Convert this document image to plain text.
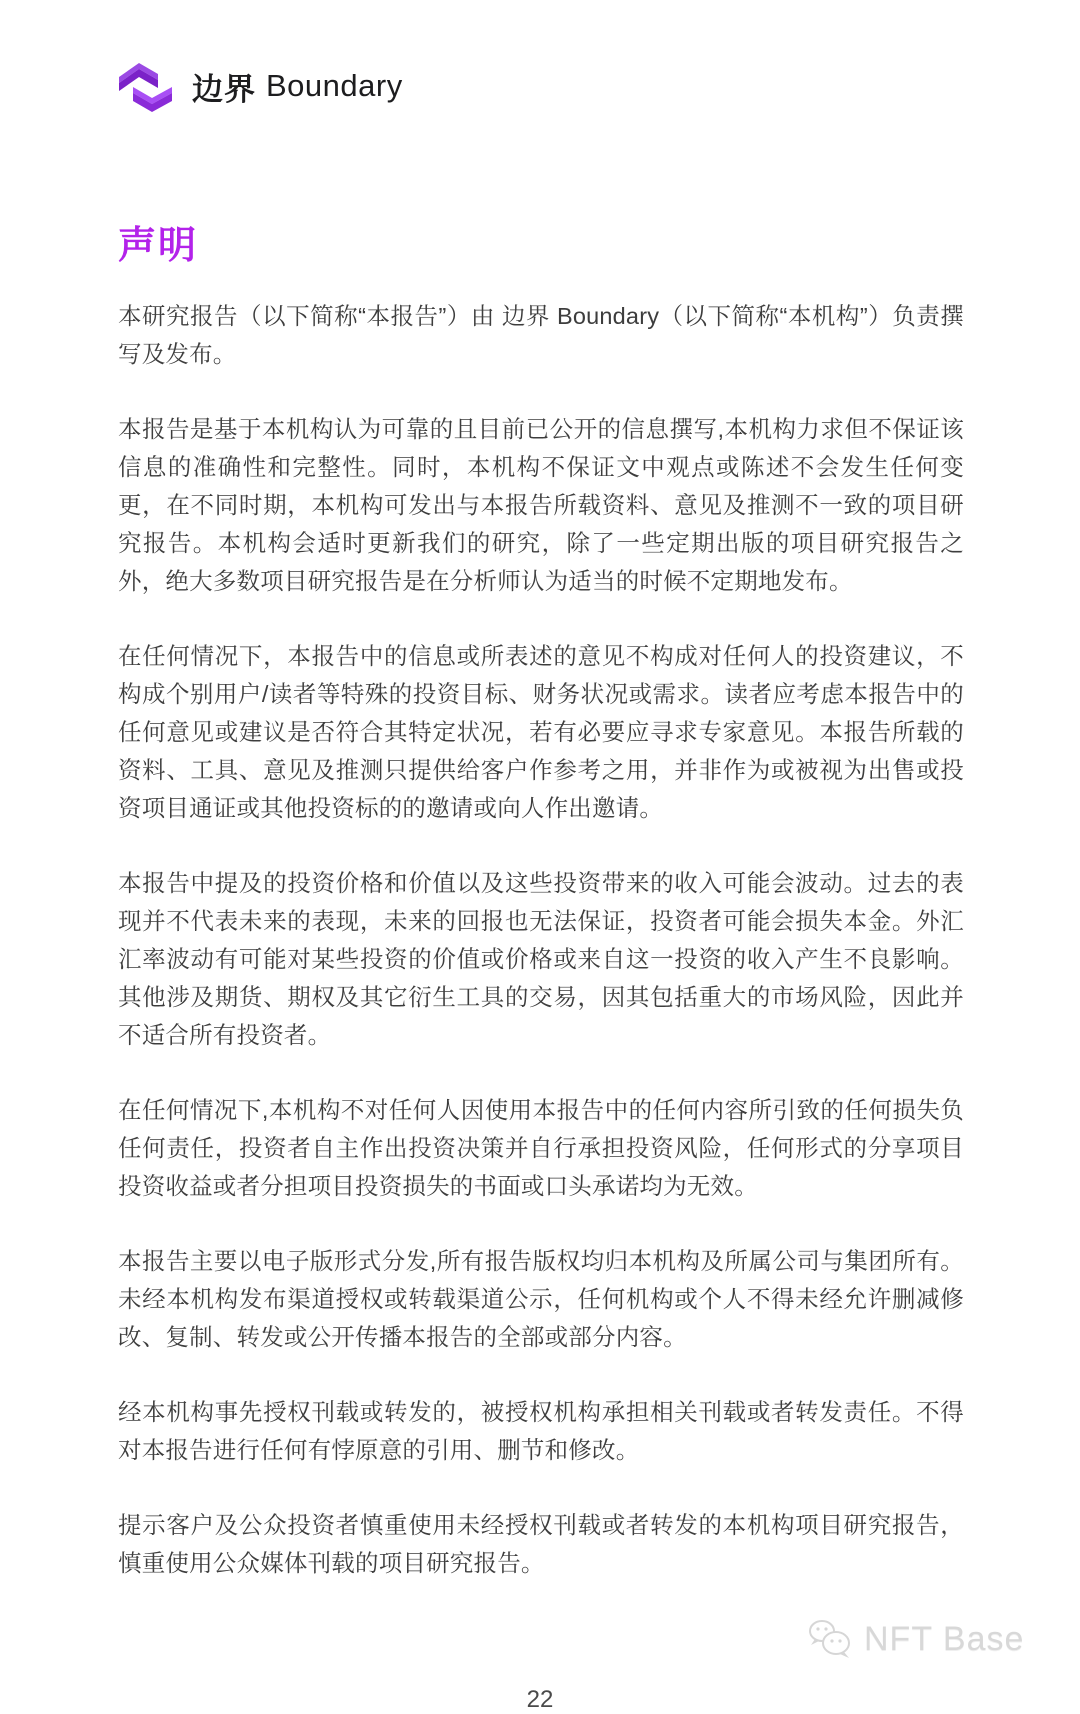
边界 Boundary
声明

本研究报告（以下简称“本报告”）由 边界 Boundary（以下简称“本机构”）负责撰写及发布。

本报告是基于本机构认为可靠的且目前已公开的信息撰写,本机构力求但不保证该信息的准确性和完整性。同时，本机构不保证文中观点或陈述不会发生任何变更，在不同时期，本机构可发出与本报告所载资料、意见及推测不一致的项目研究报告。本机构会适时更新我们的研究，除了一些定期出版的项目研究报告之外，绝大多数项目研究报告是在分析师认为适当的时候不定期地发布。

在任何情况下，本报告中的信息或所表述的意见不构成对任何人的投资建议，不构成个别用户/读者等特殊的投资目标、财务状况或需求。读者应考虑本报告中的任何意见或建议是否符合其特定状况，若有必要应寻求专家意见。本报告所载的资料、工具、意见及推测只提供给客户作参考之用，并非作为或被视为出售或投资项目通证或其他投资标的的邀请或向人作出邀请。

本报告中提及的投资价格和价值以及这些投资带来的收入可能会波动。过去的表现并不代表未来的表现，未来的回报也无法保证，投资者可能会损失本金。外汇汇率波动有可能对某些投资的价值或价格或来自这一投资的收入产生不良影响。其他涉及期货、期权及其它衍生工具的交易，因其包括重大的市场风险，因此并不适合所有投资者。

在任何情况下,本机构不对任何人因使用本报告中的任何内容所引致的任何损失负任何责任，投资者自主作出投资决策并自行承担投资风险，任何形式的分享项目投资收益或者分担项目投资损失的书面或口头承诺均为无效。

本报告主要以电子版形式分发,所有报告版权均归本机构及所属公司与集团所有。未经本机构发布渠道授权或转载渠道公示，任何机构或个人不得未经允许删减修改、复制、转发或公开传播本报告的全部或部分内容。

经本机构事先授权刊载或转发的，被授权机构承担相关刊载或者转发责任。不得对本报告进行任何有悖原意的引用、删节和修改。

提示客户及公众投资者慎重使用未经授权刊载或者转发的本机构项目研究报告，慎重使用公众媒体刊载的项目研究报告。

NFT Base
22
